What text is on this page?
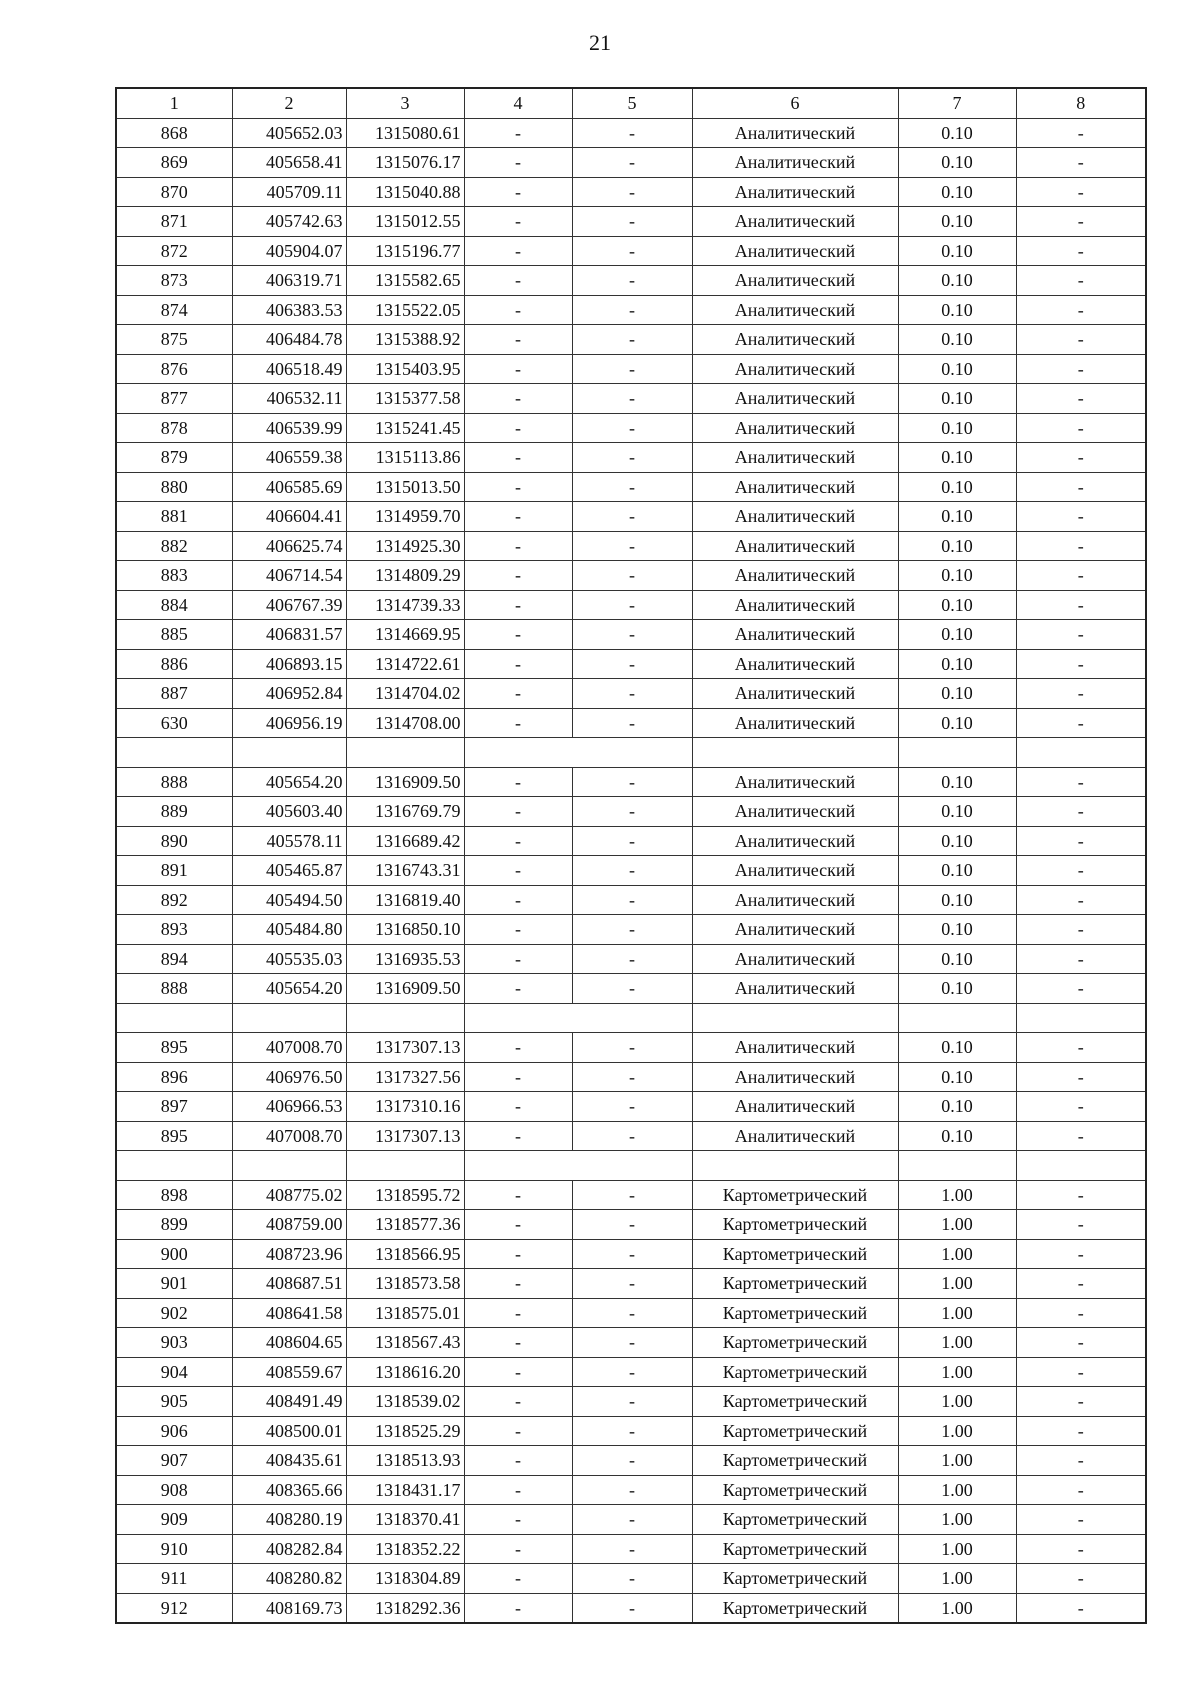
21
1	2	3	4	5	6	7	8
868	405652.03	1315080.61	-	-	Аналитический	0.10	-
869	405658.41	1315076.17	-	-	Аналитический	0.10	-
870	405709.11	1315040.88	-	-	Аналитический	0.10	-
871	405742.63	1315012.55	-	-	Аналитический	0.10	-
872	405904.07	1315196.77	-	-	Аналитический	0.10	-
873	406319.71	1315582.65	-	-	Аналитический	0.10	-
874	406383.53	1315522.05	-	-	Аналитический	0.10	-
875	406484.78	1315388.92	-	-	Аналитический	0.10	-
876	406518.49	1315403.95	-	-	Аналитический	0.10	-
877	406532.11	1315377.58	-	-	Аналитический	0.10	-
878	406539.99	1315241.45	-	-	Аналитический	0.10	-
879	406559.38	1315113.86	-	-	Аналитический	0.10	-
880	406585.69	1315013.50	-	-	Аналитический	0.10	-
881	406604.41	1314959.70	-	-	Аналитический	0.10	-
882	406625.74	1314925.30	-	-	Аналитический	0.10	-
883	406714.54	1314809.29	-	-	Аналитический	0.10	-
884	406767.39	1314739.33	-	-	Аналитический	0.10	-
885	406831.57	1314669.95	-	-	Аналитический	0.10	-
886	406893.15	1314722.61	-	-	Аналитический	0.10	-
887	406952.84	1314704.02	-	-	Аналитический	0.10	-
630	406956.19	1314708.00	-	-	Аналитический	0.10	-

888	405654.20	1316909.50	-	-	Аналитический	0.10	-
889	405603.40	1316769.79	-	-	Аналитический	0.10	-
890	405578.11	1316689.42	-	-	Аналитический	0.10	-
891	405465.87	1316743.31	-	-	Аналитический	0.10	-
892	405494.50	1316819.40	-	-	Аналитический	0.10	-
893	405484.80	1316850.10	-	-	Аналитический	0.10	-
894	405535.03	1316935.53	-	-	Аналитический	0.10	-
888	405654.20	1316909.50	-	-	Аналитический	0.10	-

895	407008.70	1317307.13	-	-	Аналитический	0.10	-
896	406976.50	1317327.56	-	-	Аналитический	0.10	-
897	406966.53	1317310.16	-	-	Аналитический	0.10	-
895	407008.70	1317307.13	-	-	Аналитический	0.10	-

898	408775.02	1318595.72	-	-	Картометрический	1.00	-
899	408759.00	1318577.36	-	-	Картометрический	1.00	-
900	408723.96	1318566.95	-	-	Картометрический	1.00	-
901	408687.51	1318573.58	-	-	Картометрический	1.00	-
902	408641.58	1318575.01	-	-	Картометрический	1.00	-
903	408604.65	1318567.43	-	-	Картометрический	1.00	-
904	408559.67	1318616.20	-	-	Картометрический	1.00	-
905	408491.49	1318539.02	-	-	Картометрический	1.00	-
906	408500.01	1318525.29	-	-	Картометрический	1.00	-
907	408435.61	1318513.93	-	-	Картометрический	1.00	-
908	408365.66	1318431.17	-	-	Картометрический	1.00	-
909	408280.19	1318370.41	-	-	Картометрический	1.00	-
910	408282.84	1318352.22	-	-	Картометрический	1.00	-
911	408280.82	1318304.89	-	-	Картометрический	1.00	-
912	408169.73	1318292.36	-	-	Картометрический	1.00	-
